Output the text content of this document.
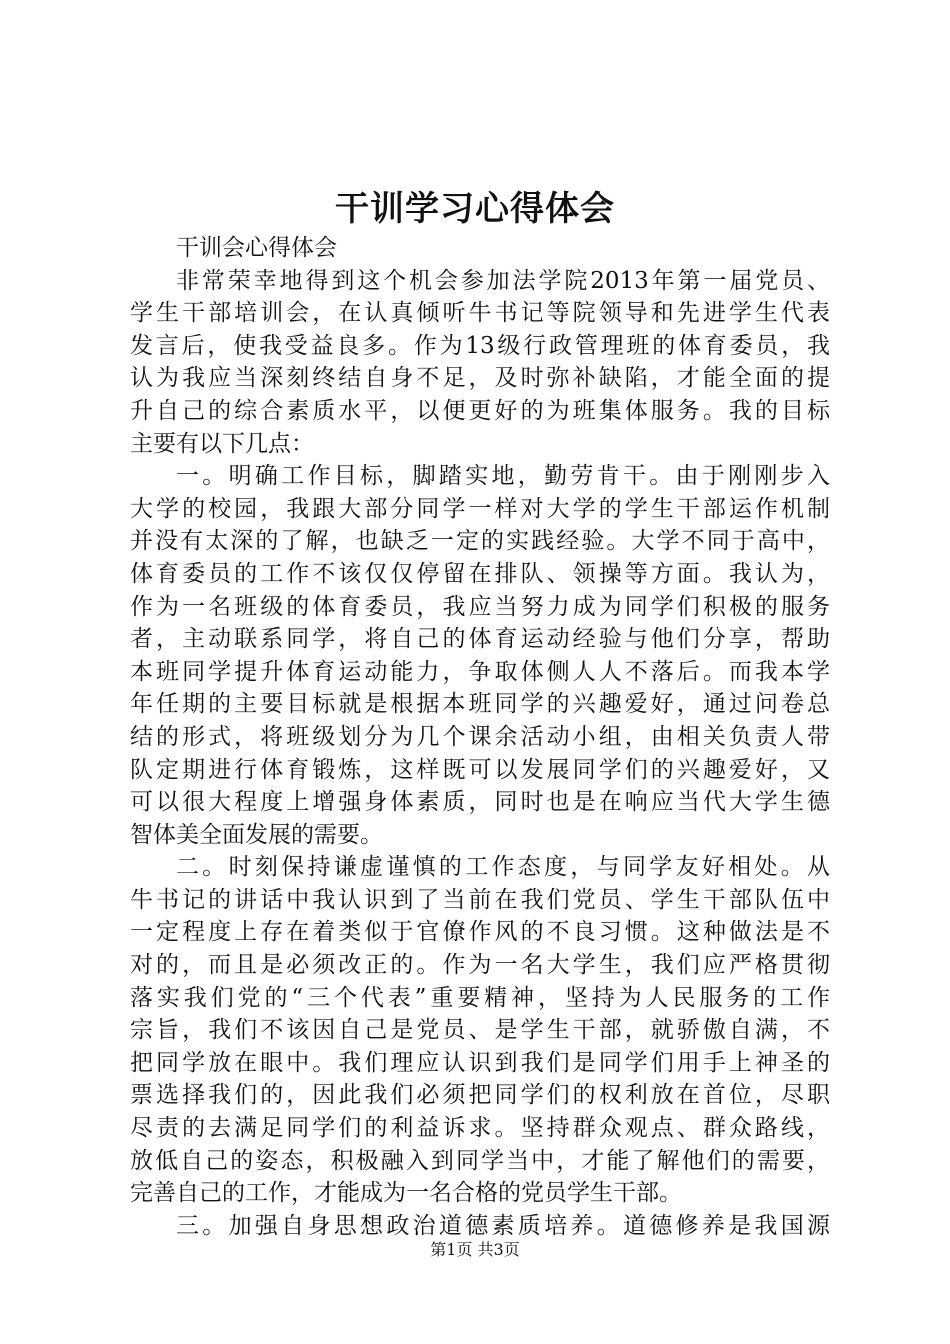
干训学习心得体会
干训会心得体会
非常荣幸地得到这个机会参加法学院2013年第一届党员、
学生干部培训会，在认真倾听牛书记等院领导和先进学生代表
发言后，使我受益良多。作为13级行政管理班的体育委员，我
认为我应当深刻终结自身不足，及时弥补缺陷，才能全面的提
升自己的综合素质水平，以便更好的为班集体服务。我的目标
主要有以下几点：
一。明确工作目标，脚踏实地，勤劳肯干。由于刚刚步入
大学的校园，我跟大部分同学一样对大学的学生干部运作机制
并没有太深的了解，也缺乏一定的实践经验。大学不同于高中，
体育委员的工作不该仅仅停留在排队、领操等方面。我认为，
作为一名班级的体育委员，我应当努力成为同学们积极的服务
者，主动联系同学，将自己的体育运动经验与他们分享，帮助
本班同学提升体育运动能力，争取体侧人人不落后。而我本学
年任期的主要目标就是根据本班同学的兴趣爱好，通过问卷总
结的形式，将班级划分为几个课余活动小组，由相关负责人带
队定期进行体育锻炼，这样既可以发展同学们的兴趣爱好，又
可以很大程度上增强身体素质，同时也是在响应当代大学生德
智体美全面发展的需要。
二。时刻保持谦虚谨慎的工作态度，与同学友好相处。从
牛书记的讲话中我认识到了当前在我们党员、学生干部队伍中
一定程度上存在着类似于官僚作风的不良习惯。这种做法是不
对的，而且是必须改正的。作为一名大学生，我们应严格贯彻
落实我们党的“三个代表”重要精神，坚持为人民服务的工作
宗旨，我们不该因自己是党员、是学生干部，就骄傲自满，不
把同学放在眼中。我们理应认识到我们是同学们用手上神圣的
票选择我们的，因此我们必须把同学们的权利放在首位，尽职
尽责的去满足同学们的利益诉求。坚持群众观点、群众路线，
放低自己的姿态，积极融入到同学当中，才能了解他们的需要，
完善自己的工作，才能成为一名合格的党员学生干部。
三。加强自身思想政治道德素质培养。道德修养是我国源
第1页 共3页
